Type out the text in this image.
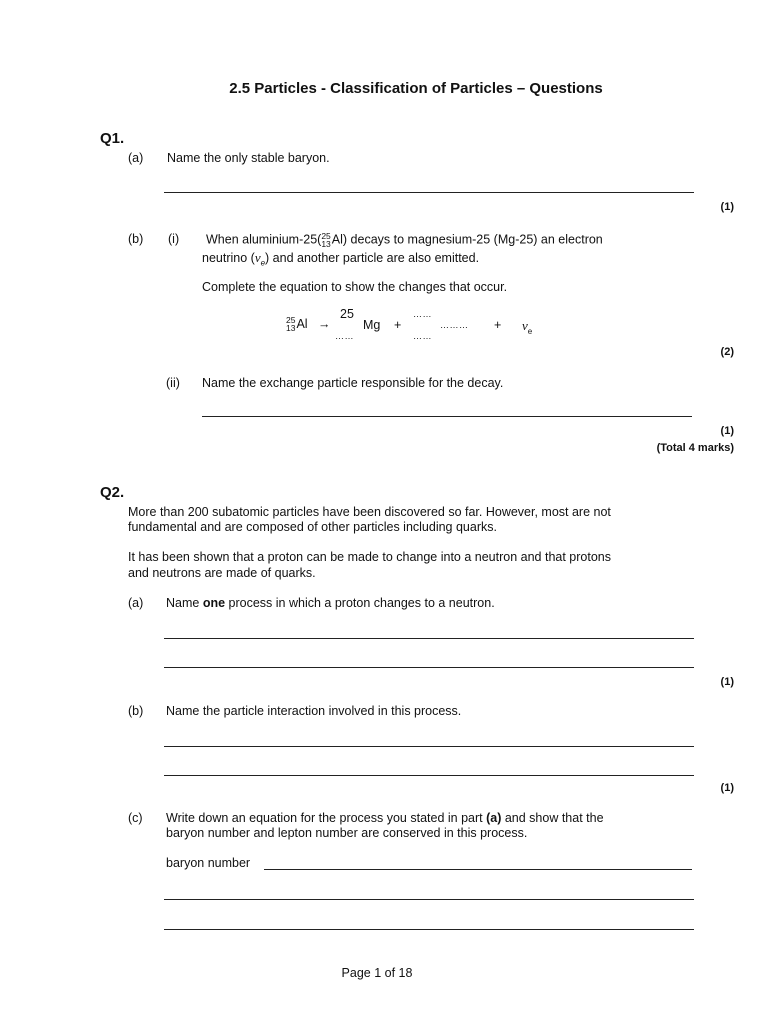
2.5 Particles - Classification of Particles – Questions
Q1.
(a) Name the only stable baryon.
(1)
(b) (i) When aluminium-25( 25
13 Al) decays to magnesium-25 (Mg-25) an electron
neutrino $(\nu_e)$ and another particle are also emitted.
Complete the equation to show the changes that occur.
25
13 Al →
25
Mg
……
+
……
………
……
+ $\nu_e$
(2)
(ii) Name the exchange particle responsible for the decay.
(1)
(Total 4 marks)
Q2.
More than 200 subatomic particles have been discovered so far. However, most are not
fundamental and are composed of other particles including quarks.
It has been shown that a proton can be made to change into a neutron and that protons
and neutrons are made of quarks.
(a) Name one process in which a proton changes to a neutron.
(1)
(b) Name the particle interaction involved in this process.
(1)
(c) Write down an equation for the process you stated in part (a) and show that the
baryon number and lepton number are conserved in this process.
baryon number
Page 1 of 18
